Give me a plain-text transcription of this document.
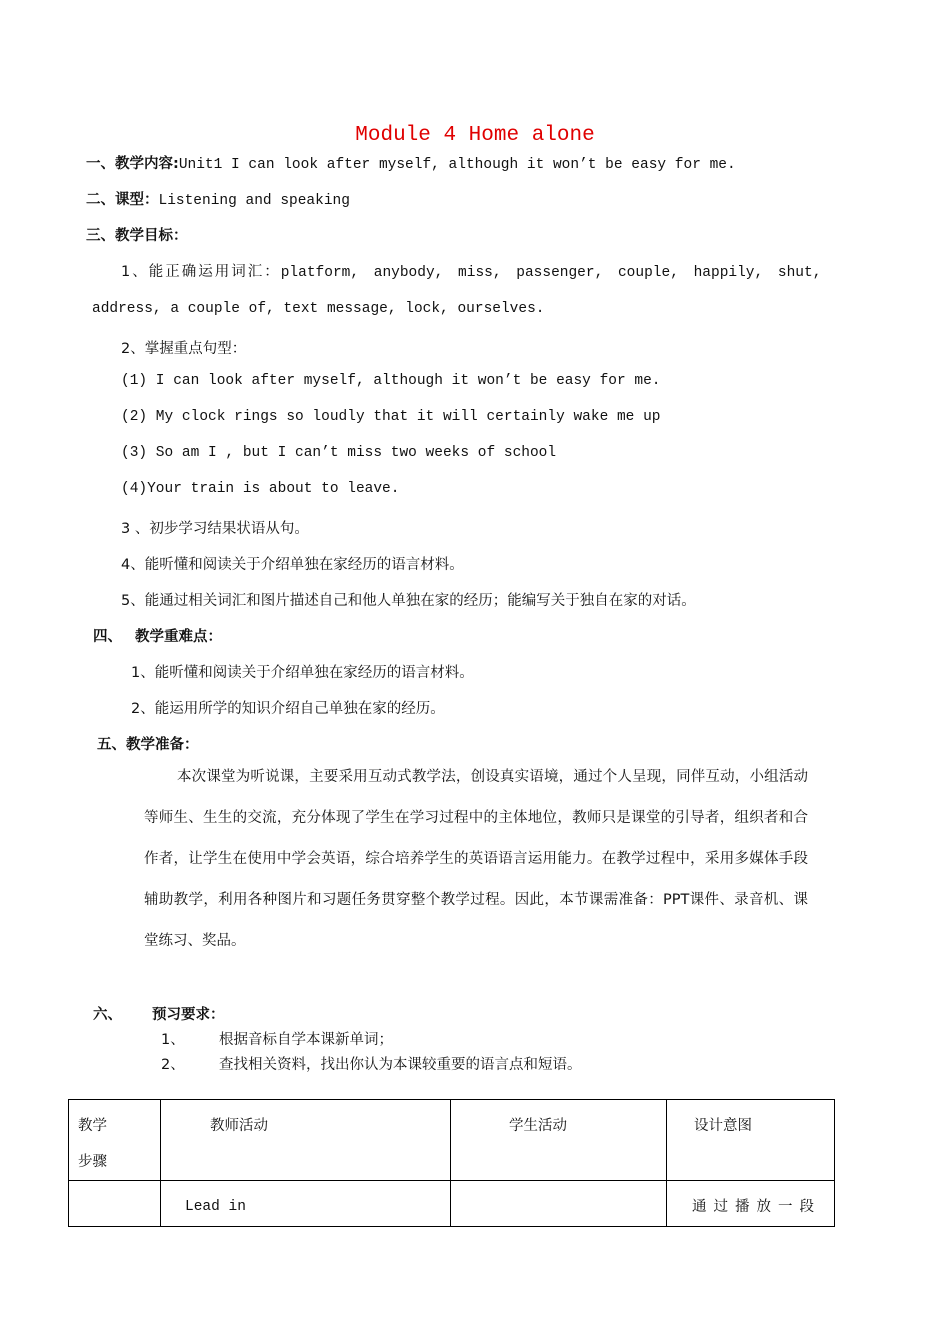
Module 4 Home alone
一、教学内容:Unit1 I can look after myself, although it won’t be easy for me.
二、课型：Listening and speaking
三、教学目标：
1、能正确运用词汇：platform, anybody, miss, passenger, couple, happily, shut,
address, a couple of, text message, lock, ourselves.
2、掌握重点句型：
(1) I can look after myself, although it won’t be easy for me.
(2) My clock rings so loudly that it will certainly wake me up
(3) So am I , but I can’t miss two weeks of school
(4)Your train is about to leave.
3 、初步学习结果状语从句。
4、能听懂和阅读关于介绍单独在家经历的语言材料。
5、能通过相关词汇和图片描述自己和他人单独在家的经历；能编写关于独自在家的对话。
四、 教学重难点：
1、能听懂和阅读关于介绍单独在家经历的语言材料。
2、能运用所学的知识介绍自己单独在家的经历。
五、教学准备：
本次课堂为听说课，主要采用互动式教学法，创设真实语境，通过个人呈现，同伴互动，小组活动等师生、生生的交流，充分体现了学生在学习过程中的主体地位，教师只是课堂的引导者，组织者和合作者，让学生在使用中学会英语，综合培养学生的英语语言运用能力。在教学过程中，采用多媒体手段辅助教学，利用各种图片和习题任务贯穿整个教学过程。因此，本节课需准备：PPT课件、录音机、课堂练习、奖品。
六、 预习要求：
1、 根据音标自学本课新单词；
2、 查找相关资料，找出你认为本课较重要的语言点和短语。
教学
步骤	教师活动	学生活动	设计意图

	Lead in		通过播放一段
